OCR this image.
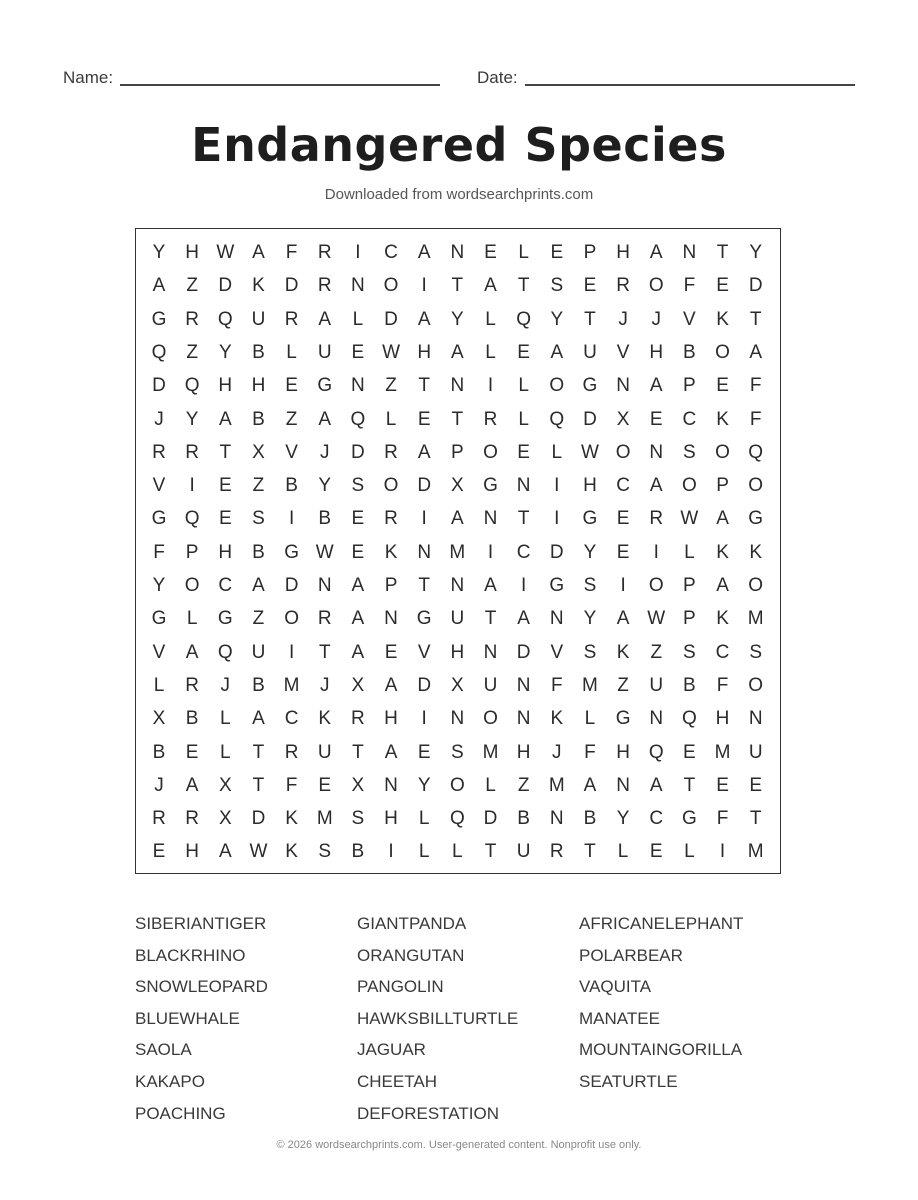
Name:	Date:
Endangered Species
Downloaded from wordsearchprints.com
Y	H W A	F	R	I	C	A	N	E	L	E	P	H	A	N	T	Y
A	Z	D	K	D	R	N O	I	T	A	T	S	E	R O	F	E	D
G R Q U	R	A	L	D	A	Y	L	Q	Y	T	J	J	V	K	T
Q	Z	Y	B	L	U	E W H	A	L	E	A	U	V	H	B	O	A
D Q H	H	E	G N	Z	T	N	I	L	O G N	A	P	E	F
J	Y	A	B	Z	A	Q	L	E	T	R	L	Q D	X	E	C	K	F
R	R	T	X	V	J	D	R	A	P	O	E	L W O N	S	O Q
V	I	E	Z	B	Y	S	O D	X	G N	I	H	C	A	O	P	O
G Q	E	S	I	B	E	R	I	A	N	T	I	G	E	R W A	G
F	P	H	B	G W E	K	N M	I	C	D	Y	E	I	L	K	K
Y	O C	A	D	N	A	P	T	N	A	I	G	S	I	O	P	A	O
G	L	G	Z	O R	A	N G U	T	A	N	Y	A W P	K M
V	A	Q U	I	T	A	E	V	H	N	D	V	S	K	Z	S	C	S
L	R	J	B M	J	X	A	D	X	U	N	F	M	Z	U	B	F	O
X	B	L	A	C	K	R	H	I	N O N	K	L	G N Q H	N
B	E	L	T	R	U	T	A	E	S M H	J	F	H Q	E M U
J	A	X	T	F	E	X	N	Y	O	L	Z	M A	N	A	T	E	E
R	R	X	D	K M S	H	L	Q D	B	N	B	Y	C G	F	T
E	H	A W K	S	B	I	L	L	T	U	R	T	L	E	L	I	M
SIBERIANTIGER
BLACKRHINO
SNOWLEOPARD
BLUEWHALE
SAOLA
KAKAPO
POACHING
GIANTPANDA
ORANGUTAN
PANGOLIN
HAWKSBILLTURTLE
JAGUAR
CHEETAH
DEFORESTATION
AFRICANELEPHANT
POLARBEAR
VAQUITA
MANATEE
MOUNTAINGORILLA
SEATURTLE
© 2026 wordsearchprints.com. User-generated content. Nonprofit use only.
